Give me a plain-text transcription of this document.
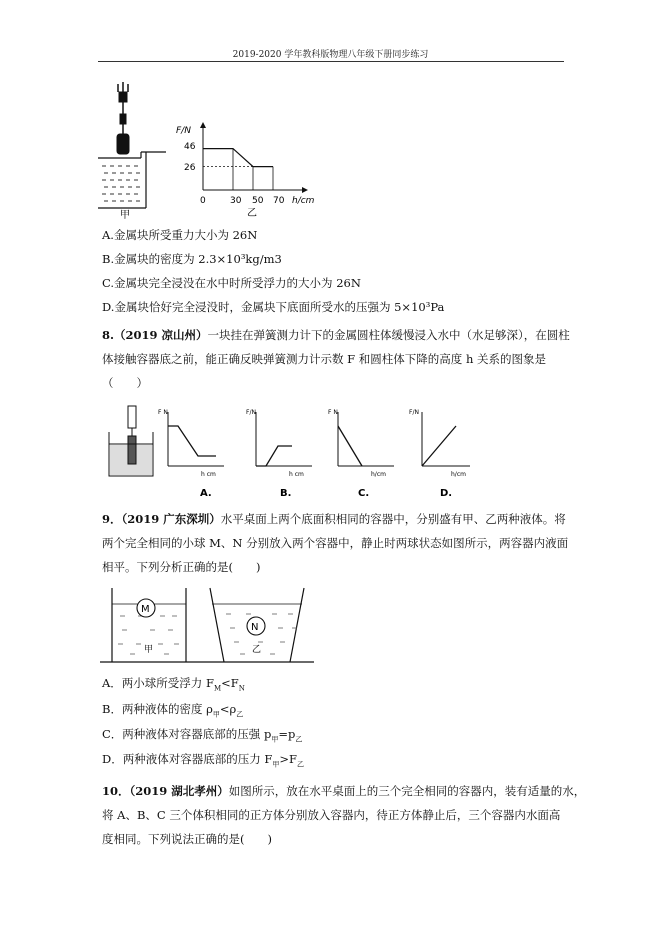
2019-2020 学年教科版物理八年级下册同步练习
甲
F/N
46
26
0	30 50 70 h/cm
乙
A.金属块所受重力大小为 26N
B.金属块的密度为 2.3×10³kg/m3
C.金属块完全浸没在水中时所受浮力的大小为 26N
D.金属块恰好完全浸没时，金属块下底面所受水的压强为 5×10³Pa
8.（2019 凉山州）一块挂在弹簧测力计下的金属圆柱体缓慢浸入水中（水足够深），在圆柱
体接触容器底之前，能正确反映弹簧测力计示数 F 和圆柱体下降的高度 h 关系的图象是
（　　）
F N
h cm
A.
F/N
h cm
B.
F N
h/cm
C.
F/N
h/cm
D.
9．（2019 广东深圳）水平桌面上两个底面积相同的容器中，分别盛有甲、乙两种液体。将
两个完全相同的小球 M、N 分别放入两个容器中，静止时两球状态如图所示，两容器内液面
相平。下列分析正确的是(　　)
M
N
甲	乙
A．两小球所受浮力 $F_M<F_N$
B．两种液体的密度 $\rho_甲<\rho_乙$
C．两种液体对容器底部的压强 $p_甲=p_乙$
D．两种液体对容器底部的压力 $F_甲>F_乙$
10．（2019 湖北孝州）如图所示，放在水平桌面上的三个完全相同的容器内，装有适量的水，
将 A、B、C 三个体积相同的正方体分别放入容器内，待正方体静止后，三个容器内水面高
度相同。下列说法正确的是(　　)
